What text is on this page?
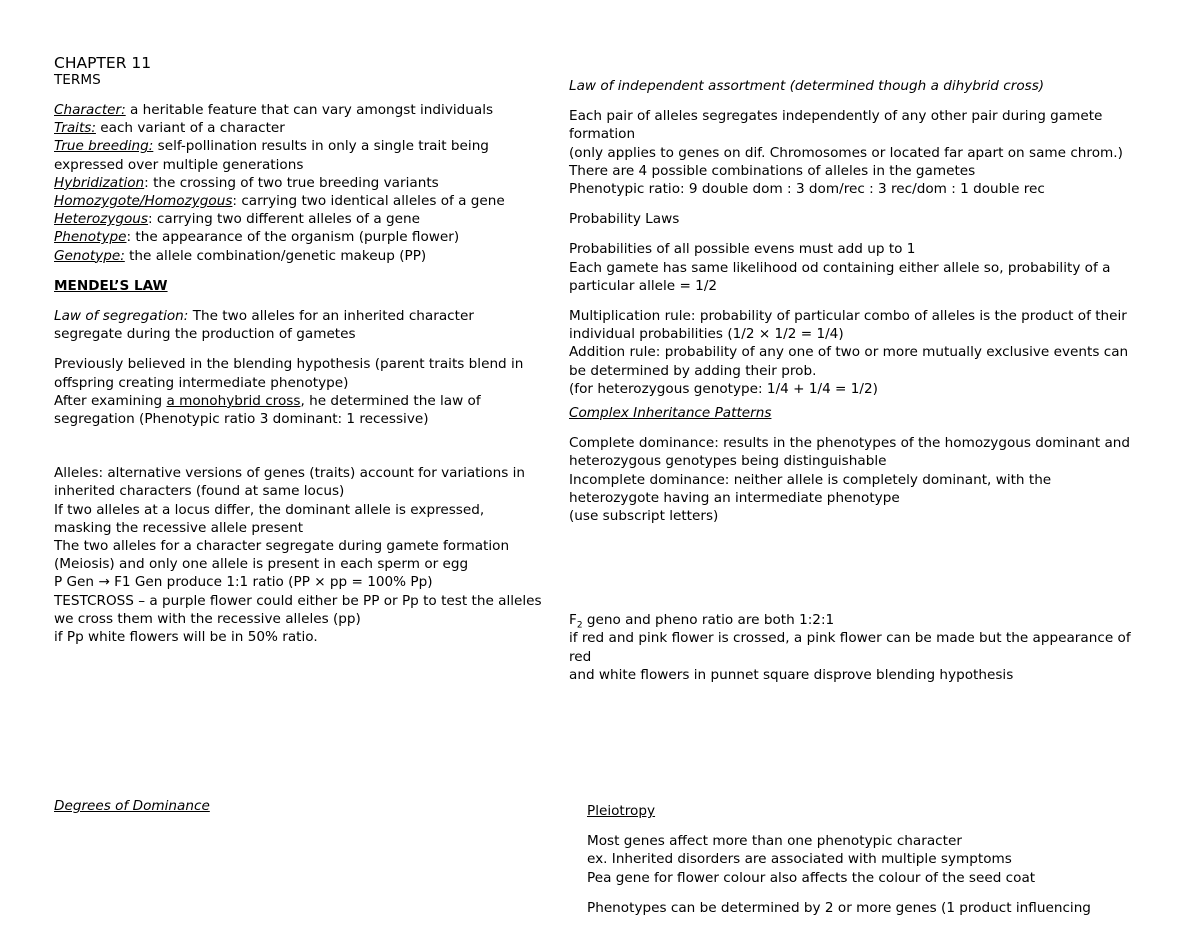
CHAPTER 11
TERMS

Character: a heritable feature that can vary amongst individuals

Traits: each variant of a character

True breeding: self-pollination results in only a single trait being expressed over multiple generations

Hybridization: the crossing of two true breeding variants

Homozygote/Homozygous: carrying two identical alleles of a gene

Heterozygous: carrying two different alleles of a gene

Phenotype: the appearance of the organism (purple flower)

Genotype: the allele combination/genetic makeup (PP)

MENDEL’S LAW

Law of segregation: The two alleles for an inherited character segregate during the production of gametes

Previously believed in the blending hypothesis (parent traits blend in offspring creating intermediate phenotype)

After examining a monohybrid cross, he determined the law of segregation (Phenotypic ratio 3 dominant: 1 recessive)

Alleles: alternative versions of genes (traits) account for variations in inherited characters (found at same locus)

If two alleles at a locus differ, the dominant allele is expressed, masking the recessive allele present

The two alleles for a character segregate during gamete formation (Meiosis) and only one allele is present in each sperm or egg

P Gen → F1 Gen produce 1:1 ratio (PP × pp = 100% Pp)

TESTCROSS – a purple flower could either be PP or Pp to test the alleles we cross them with the recessive alleles (pp)

if Pp white flowers will be in 50% ratio.

Degrees of Dominance

Law of independent assortment (determined though a dihybrid cross)

Each pair of alleles segregates independently of any other pair during gamete formation

(only applies to genes on dif. Chromosomes or located far apart on same chrom.)

There are 4 possible combinations of alleles in the gametes

Phenotypic ratio: 9 double dom : 3 dom/rec : 3 rec/dom : 1 double rec

Probability Laws

Probabilities of all possible evens must add up to 1

Each gamete has same likelihood od containing either allele so, probability of a particular allele = 1/2

Multiplication rule: probability of particular combo of alleles is the product of their individual probabilities (1/2 × 1/2 = 1/4)

Addition rule: probability of any one of two or more mutually exclusive events can be determined by adding their prob.

(for heterozygous genotype: 1/4 + 1/4 = 1/2)

Complex Inheritance Patterns

Complete dominance: results in the phenotypes of the homozygous dominant and heterozygous genotypes being distinguishable

Incomplete dominance: neither allele is completely dominant, with the heterozygote having an intermediate phenotype

(use subscript letters)

$F_2$ geno and pheno ratio are both 1:2:1

if red and pink flower is crossed, a pink flower can be made but the appearance of red

and white flowers in punnet square disprove blending hypothesis

Pleiotropy

Most genes affect more than one phenotypic character

ex. Inherited disorders are associated with multiple symptoms

Pea gene for flower colour also affects the colour of the seed coat

Phenotypes can be determined by 2 or more genes (1 product influencing
